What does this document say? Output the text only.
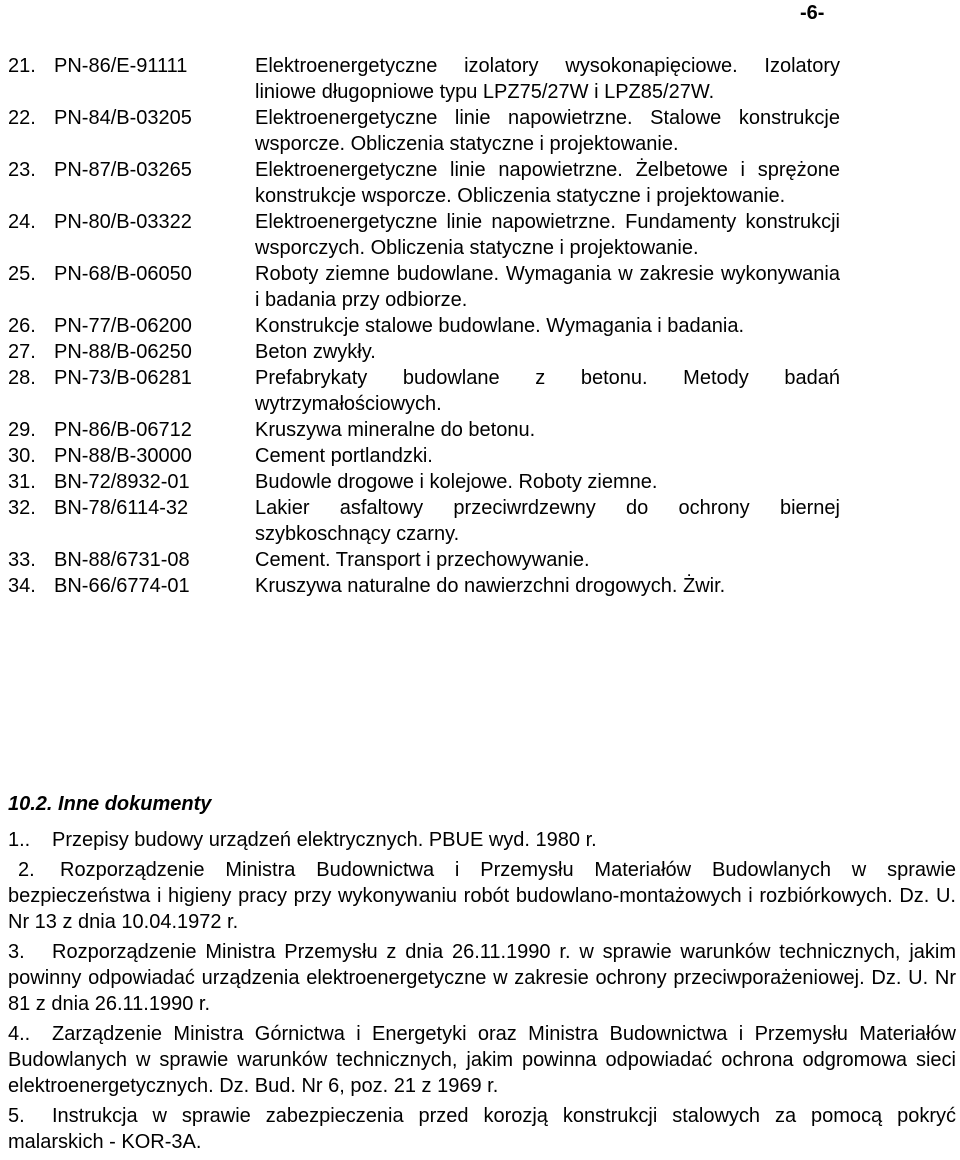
-6-
21. PN-86/E-91111	Elektroenergetyczne izolatory wysokonapięciowe. Izolatory liniowe długopniowe typu LPZ75/27W i LPZ85/27W.
22. PN-84/B-03205	Elektroenergetyczne linie napowietrzne. Stalowe konstrukcje wsporcze. Obliczenia statyczne i projektowanie.
23. PN-87/B-03265	Elektroenergetyczne linie napowietrzne. Żelbetowe i sprężone konstrukcje wsporcze. Obliczenia statyczne i projektowanie.
24. PN-80/B-03322	Elektroenergetyczne linie napowietrzne. Fundamenty konstrukcji wsporczych. Obliczenia statyczne i projektowanie.
25. PN-68/B-06050	Roboty ziemne budowlane. Wymagania w zakresie wykonywania i badania przy odbiorze.
26. PN-77/B-06200	Konstrukcje stalowe budowlane. Wymagania i badania.
27. PN-88/B-06250	Beton zwykły.
28. PN-73/B-06281	Prefabrykaty budowlane z betonu. Metody badań wytrzymałościowych.
29. PN-86/B-06712	Kruszywa mineralne do betonu.
30. PN-88/B-30000	Cement portlandzki.
31. BN-72/8932-01	Budowle drogowe i kolejowe. Roboty ziemne.
32. BN-78/6114-32	Lakier asfaltowy przeciwrdzewny do ochrony biernej szybkoschnący czarny.
33. BN-88/6731-08	Cement. Transport i przechowywanie.
34. BN-66/6774-01	Kruszywa naturalne do nawierzchni drogowych. Żwir.
10.2. Inne dokumenty
1.. Przepisy budowy urządzeń elektrycznych. PBUE wyd. 1980 r.
2. Rozporządzenie Ministra Budownictwa i Przemysłu Materiałów Budowlanych w sprawie bezpieczeństwa i higieny pracy przy wykonywaniu robót budowlano-montażowych i rozbiórkowych. Dz. U. Nr 13 z dnia 10.04.1972 r.
3. Rozporządzenie Ministra Przemysłu z dnia 26.11.1990 r. w sprawie warunków technicznych, jakim powinny odpowiadać urządzenia elektroenergetyczne w zakresie ochrony przeciwporażeniowej. Dz. U. Nr 81 z dnia 26.11.1990 r.
4.. Zarządzenie Ministra Górnictwa i Energetyki oraz Ministra Budownictwa i Przemysłu Materiałów Budowlanych w sprawie warunków technicznych, jakim powinna odpowiadać ochrona odgromowa sieci elektroenergetycznych. Dz. Bud. Nr 6, poz. 21 z 1969 r.
5. Instrukcja w sprawie zabezpieczenia przed korozją konstrukcji stalowych za pomocą pokryć malarskich - KOR-3A.
